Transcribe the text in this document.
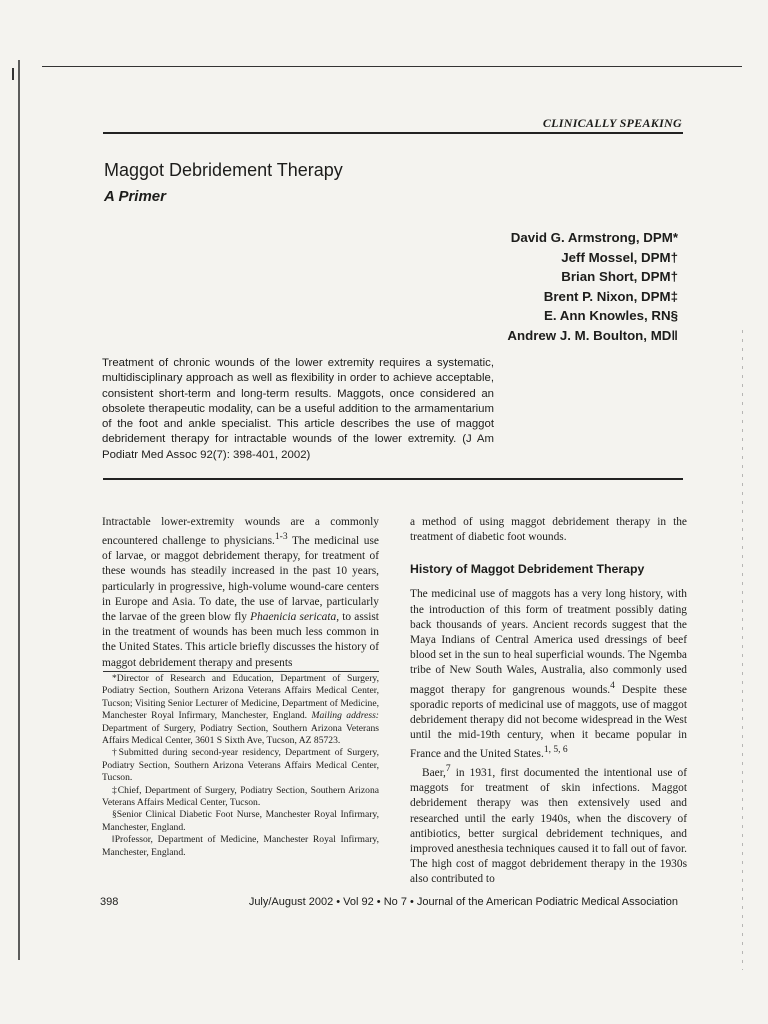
CLINICALLY SPEAKING
Maggot Debridement Therapy
A Primer
David G. Armstrong, DPM*
Jeff Mossel, DPM†
Brian Short, DPM†
Brent P. Nixon, DPM‡
E. Ann Knowles, RN§
Andrew J. M. Boulton, MD‖
Treatment of chronic wounds of the lower extremity requires a systematic, multidisciplinary approach as well as flexibility in order to achieve acceptable, consistent short-term and long-term results. Maggots, once considered an obsolete therapeutic modality, can be a useful addition to the armamentarium of the foot and ankle specialist. This article describes the use of maggot debridement therapy for intractable wounds of the lower extremity. (J Am Podiatr Med Assoc 92(7): 398-401, 2002)

Intractable lower-extremity wounds are a commonly encountered challenge to physicians.$^{1-3}$ The medicinal use of larvae, or maggot debridement therapy, for treatment of these wounds has steadily increased in the past 10 years, particularly in progressive, high-volume wound-care centers in Europe and Asia. To date, the use of larvae, particularly the larvae of the green blow fly Phaenicia sericata, to assist in the treatment of wounds has been much less common in the United States. This article briefly discusses the history of maggot debridement therapy and presents

*Director of Research and Education, Department of Surgery, Podiatry Section, Southern Arizona Veterans Affairs Medical Center, Tucson; Visiting Senior Lecturer of Medicine, Department of Medicine, Manchester Royal Infirmary, Manchester, England. Mailing address: Department of Surgery, Podiatry Section, Southern Arizona Veterans Affairs Medical Center, 3601 S Sixth Ave, Tucson, AZ 85723.

†Submitted during second-year residency, Department of Surgery, Podiatry Section, Southern Arizona Veterans Affairs Medical Center, Tucson.

‡Chief, Department of Surgery, Podiatry Section, Southern Arizona Veterans Affairs Medical Center, Tucson.

§Senior Clinical Diabetic Foot Nurse, Manchester Royal Infirmary, Manchester, England.

‖Professor, Department of Medicine, Manchester Royal Infirmary, Manchester, England.

a method of using maggot debridement therapy in the treatment of diabetic foot wounds.

History of Maggot Debridement Therapy

The medicinal use of maggots has a very long history, with the introduction of this form of treatment possibly dating back thousands of years. Ancient records suggest that the Maya Indians of Central America used dressings of beef blood set in the sun to heal superficial wounds. The Ngemba tribe of New South Wales, Australia, also commonly used maggot therapy for gangrenous wounds.$^4$ Despite these sporadic reports of medicinal use of maggots, use of maggot debridement therapy did not become widespread in the West until the mid-19th century, when it became popular in France and the United States.$^{1, 5, 6}$

Baer,$^7$ in 1931, first documented the intentional use of maggots for treatment of skin infections. Maggot debridement therapy was then extensively used and researched until the early 1940s, when the discovery of antibiotics, better surgical debridement techniques, and improved anesthesia techniques caused it to fall out of favor. The high cost of maggot debridement therapy in the 1930s also contributed to

398	July/August 2002 • Vol 92 • No 7 • Journal of the American Podiatric Medical Association
